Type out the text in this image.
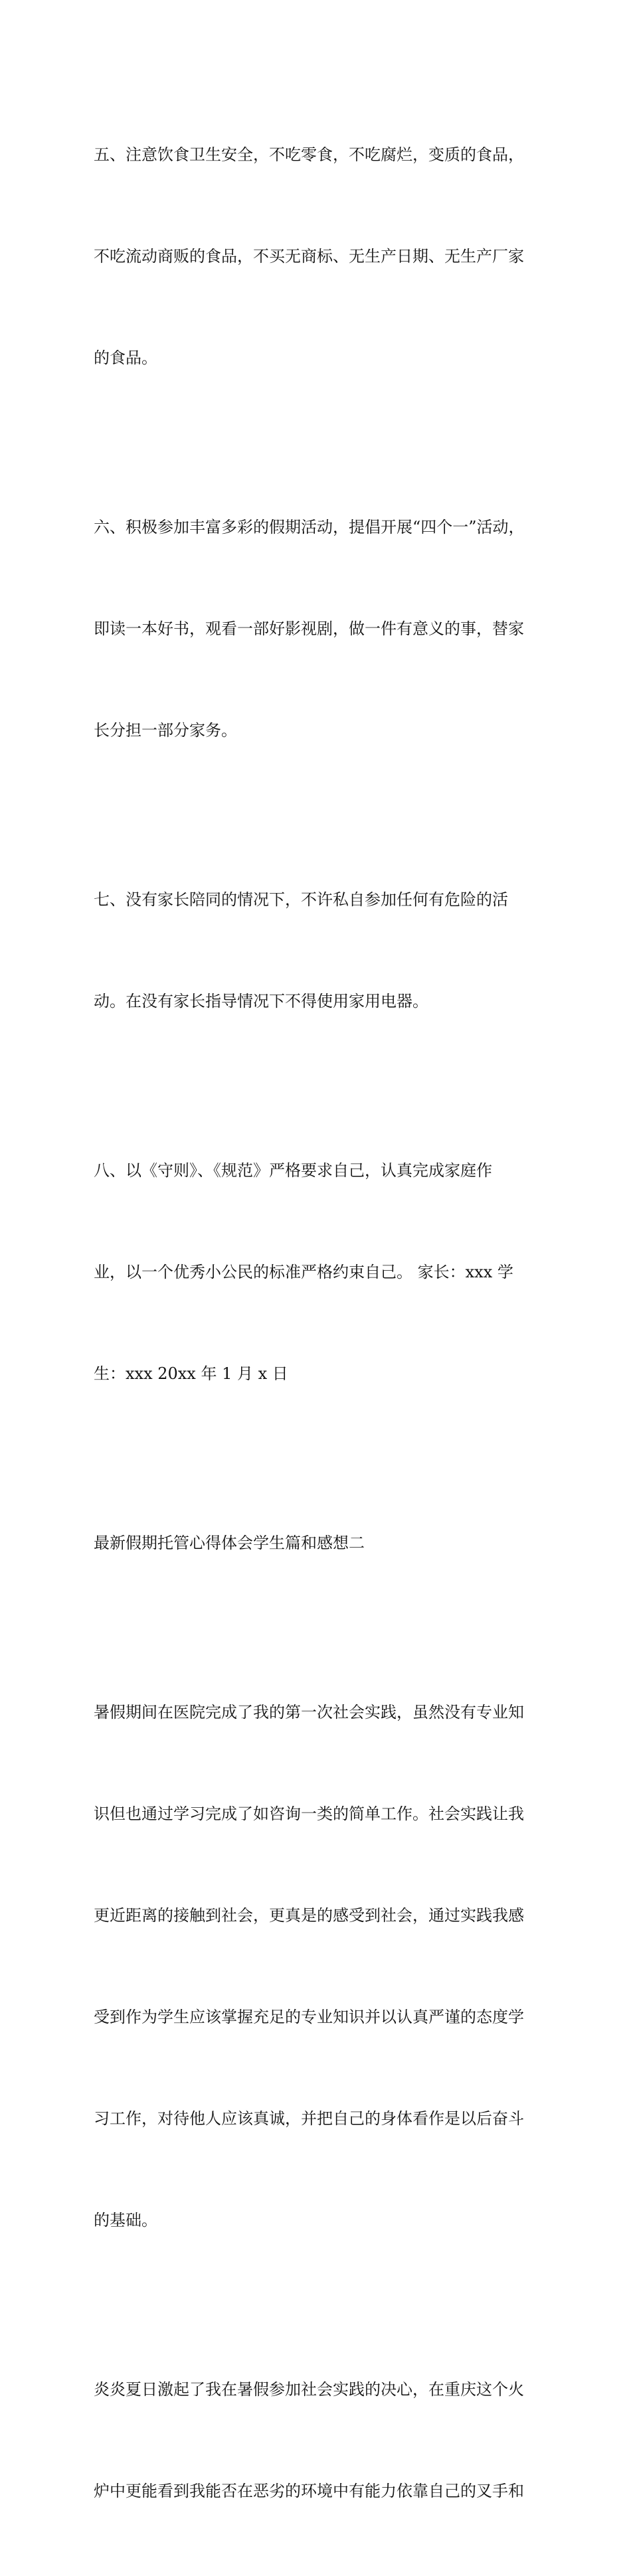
五、注意饮食卫生安全，不吃零食，不吃腐烂，变质的食品，

不吃流动商贩的食品，不买无商标、无生产日期、无生产厂家

的食品。

六、积极参加丰富多彩的假期活动，提倡开展“四个一”活动，

即读一本好书，观看一部好影视剧，做一件有意义的事，替家

长分担一部分家务。

七、没有家长陪同的情况下，不许私自参加任何有危险的活

动。在没有家长指导情况下不得使用家用电器。

八、以《守则》、《规范》严格要求自己，认真完成家庭作

业，以一个优秀小公民的标准严格约束自己。 家长：xxx 学

生：xxx 20xx 年 1 月 x 日

最新假期托管心得体会学生篇和感想二

暑假期间在医院完成了我的第一次社会实践，虽然没有专业知

识但也通过学习完成了如咨询一类的简单工作。社会实践让我

更近距离的接触到社会，更真是的感受到社会，通过实践我感

受到作为学生应该掌握充足的专业知识并以认真严谨的态度学

习工作，对待他人应该真诚，并把自己的身体看作是以后奋斗

的基础。

炎炎夏日激起了我在暑假参加社会实践的决心，在重庆这个火

炉中更能看到我能否在恶劣的环境中有能力依靠自己的叉手和
